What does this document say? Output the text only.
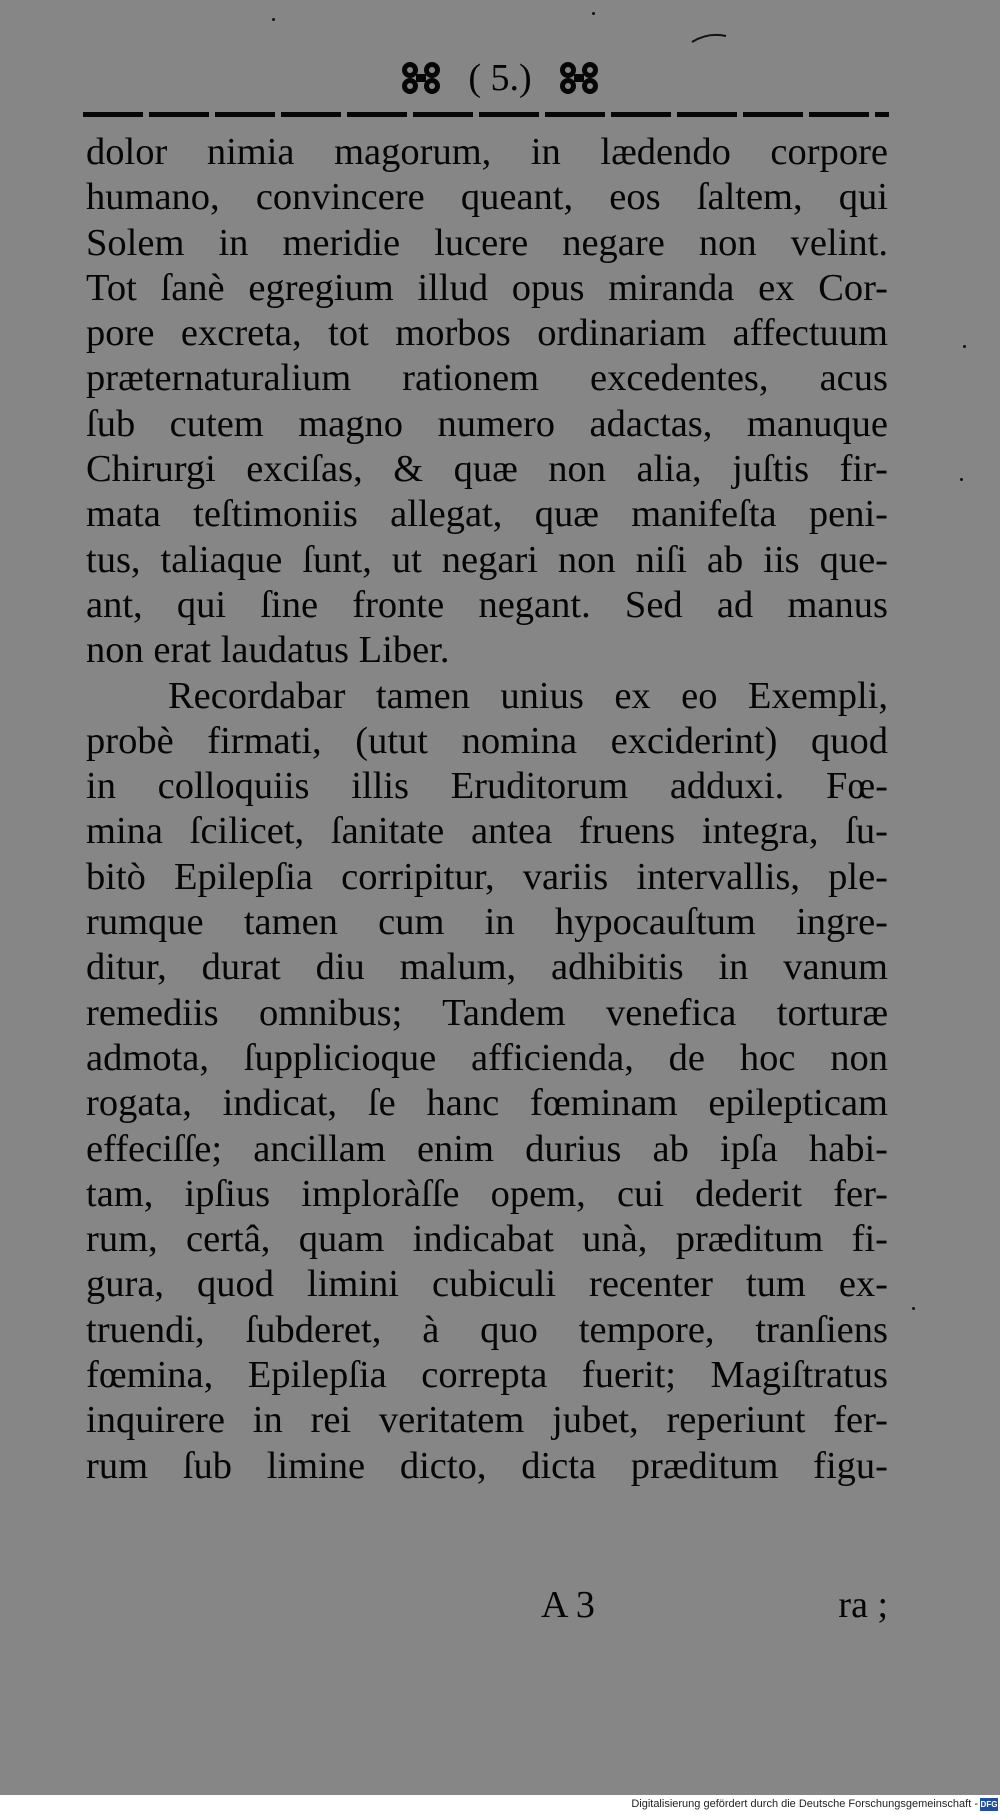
( 5.)
dolor nimia magorum, in lædendo corpore
humano, convincere queant, eos ſaltem, qui
Solem in meridie lucere negare non velint.
Tot ſanè egregium illud opus miranda ex Cor-
pore excreta, tot morbos ordinariam affectuum
præternaturalium rationem excedentes, acus
ſub cutem magno numero adactas, manuque
Chirurgi exciſas, & quæ non alia, juſtis fir-
mata teſtimoniis allegat, quæ manifeſta peni-
tus, taliaque ſunt, ut negari non niſi ab iis que-
ant, qui ſine fronte negant. Sed ad manus
non erat laudatus Liber.
Recordabar tamen unius ex eo Exempli,
probè firmati, (utut nomina exciderint) quod
in colloquiis illis Eruditorum adduxi. Fœ-
mina ſcilicet, ſanitate antea fruens integra, ſu-
bitò Epilepſia corripitur, variis intervallis, ple-
rumque tamen cum in hypocauſtum ingre-
ditur, durat diu malum, adhibitis in vanum
remediis omnibus; Tandem venefica torturæ
admota, ſupplicioque afficienda, de hoc non
rogata, indicat, ſe hanc fœminam epilepticam
effeciſſe; ancillam enim durius ab ipſa habi-
tam, ipſius imploràſſe opem, cui dederit fer-
rum, certâ, quam indicabat unà, præditum fi-
gura, quod limini cubiculi recenter tum ex-
truendi, ſubderet, à quo tempore, tranſiens
fœmina, Epilepſia correpta fuerit; Magiſtratus
inquirere in rei veritatem jubet, reperiunt fer-
rum ſub limine dicto, dicta præditum figu-
A 3	ra ;
Digitalisierung gefördert durch die Deutsche Forschungsgemeinschaft - DFG
